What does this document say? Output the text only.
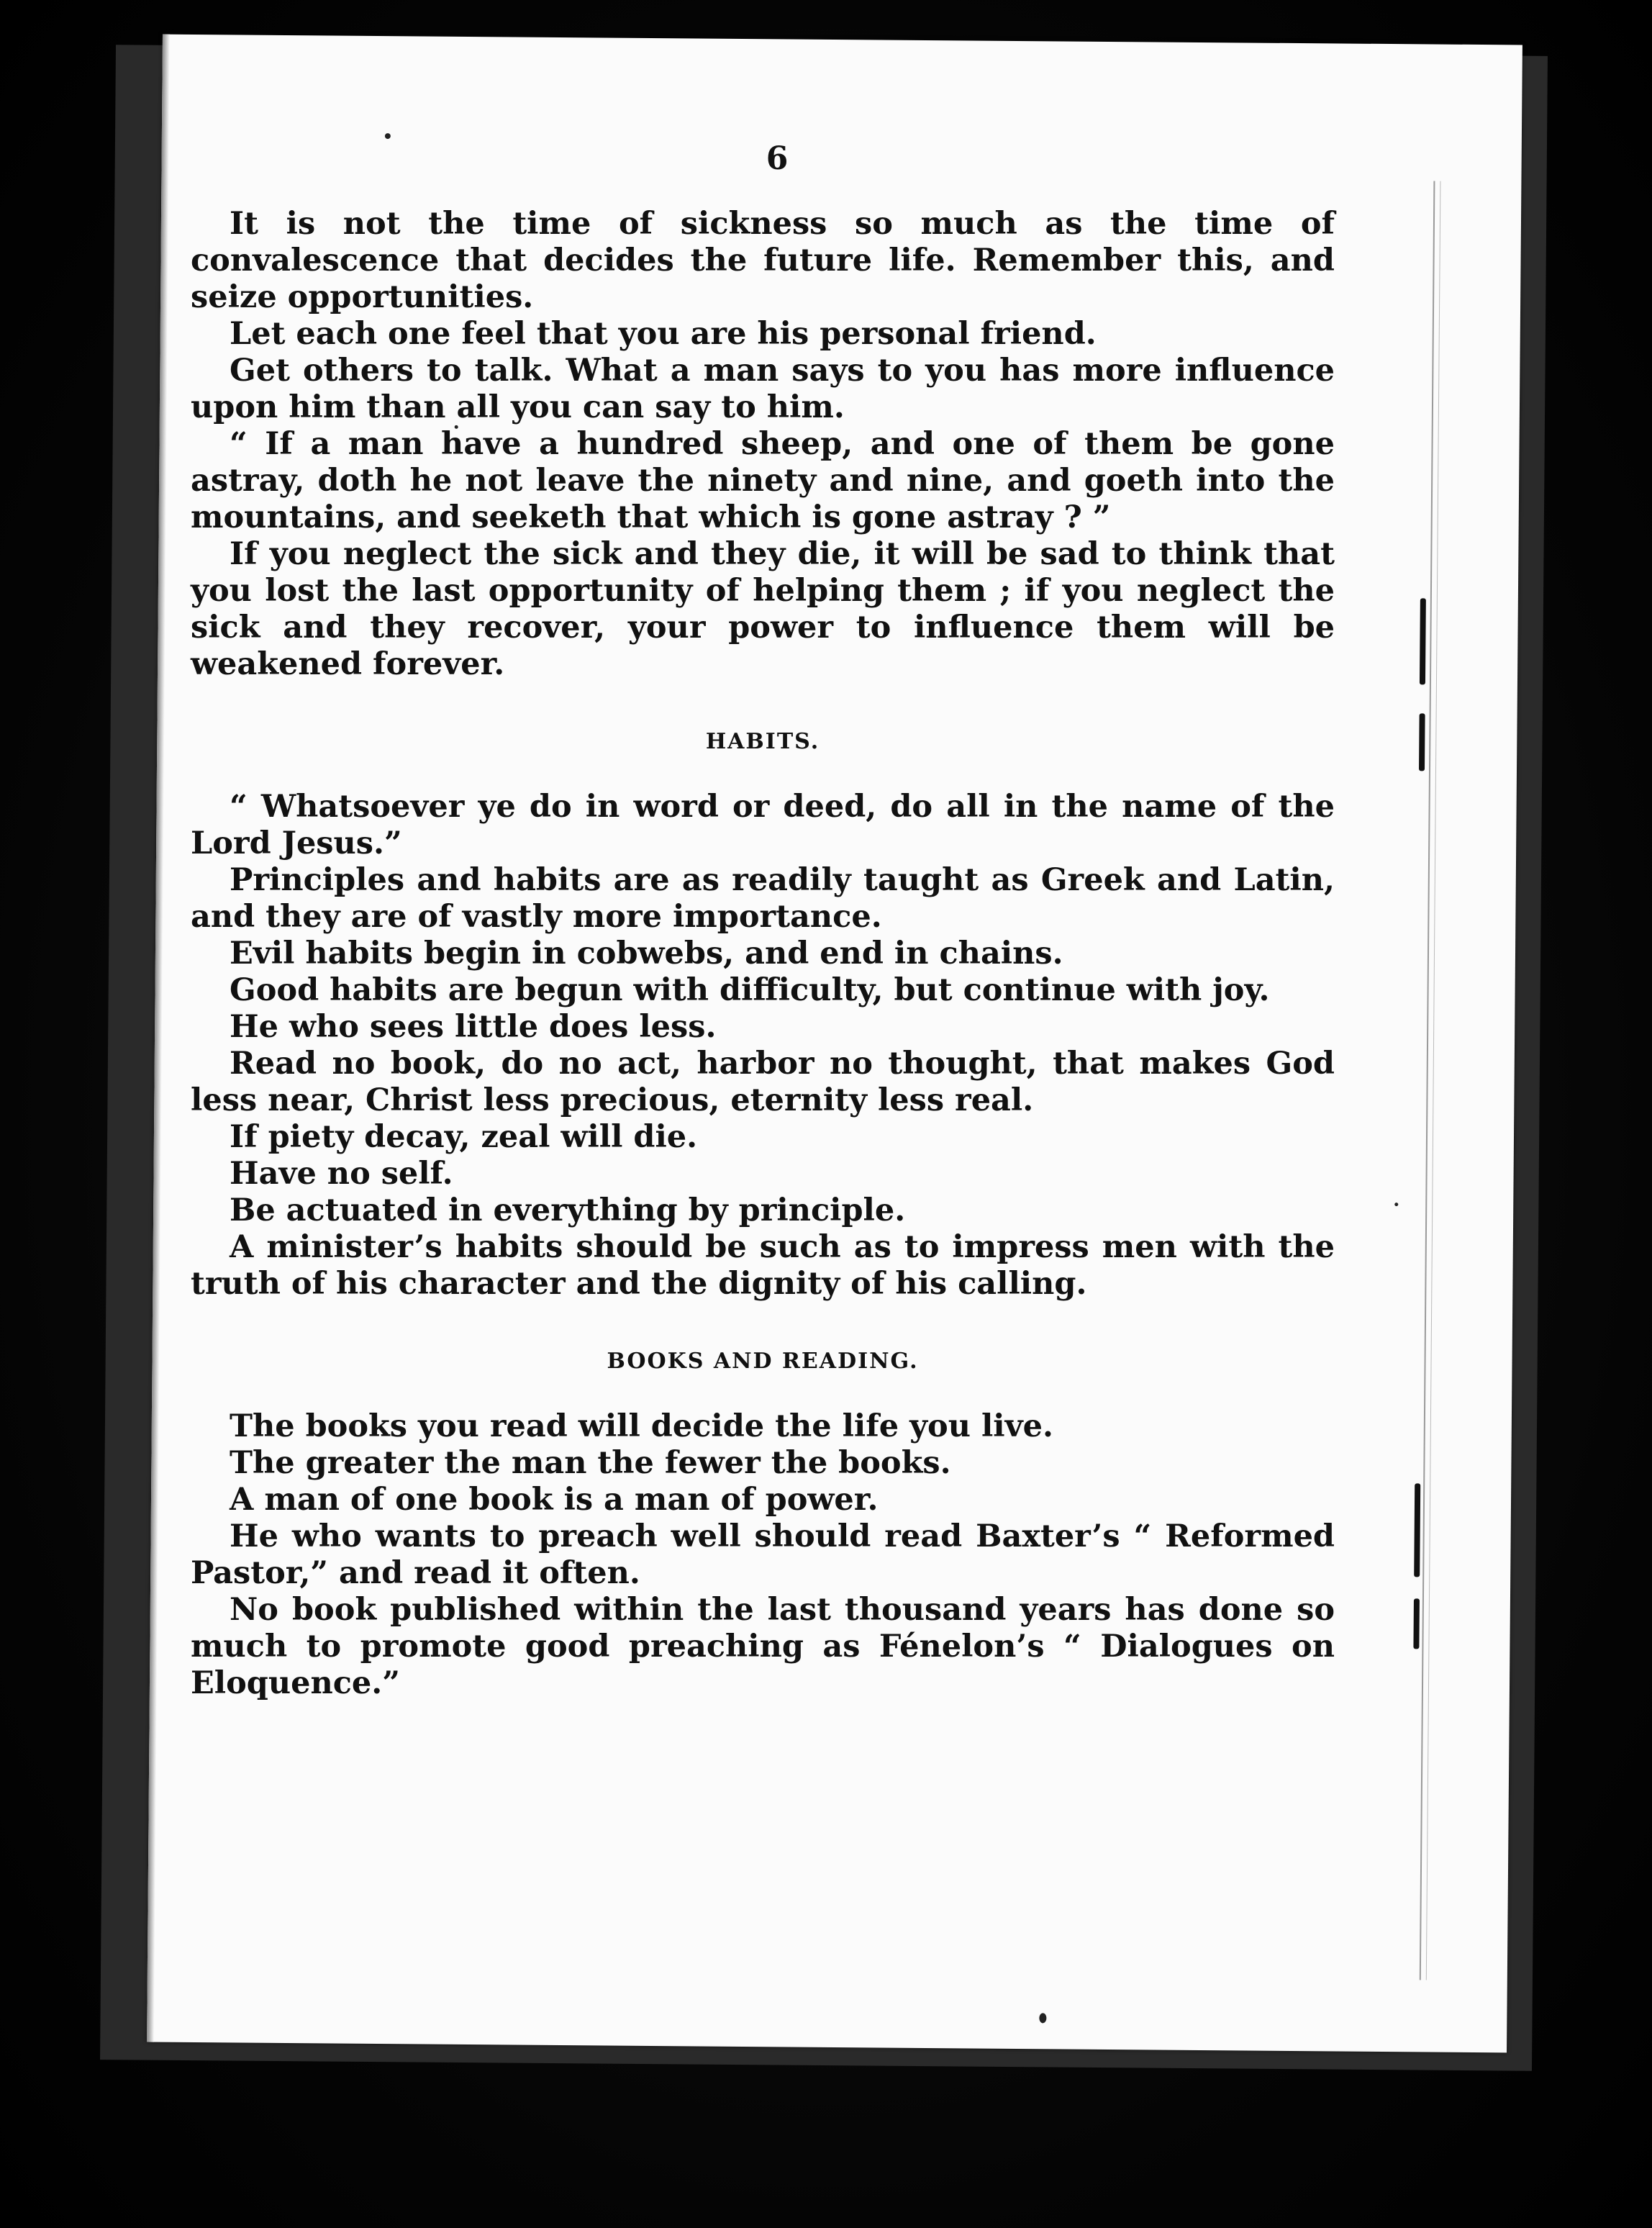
6

It is not the time of sickness so much as the time of convalescence that decides the future life. Remember this, and seize opportunities.

Let each one feel that you are his personal friend.

Get others to talk. What a man says to you has more influence upon him than all you can say to him.

“ If a man have a hundred sheep, and one of them be gone astray, doth he not leave the ninety and nine, and goeth into the mountains, and seeketh that which is gone astray ? ”

If you neglect the sick and they die, it will be sad to think that you lost the last opportunity of helping them ; if you neglect the sick and they recover, your power to influence them will be weakened forever.

HABITS.

“ Whatsoever ye do in word or deed, do all in the name of the Lord Jesus.”

Principles and habits are as readily taught as Greek and Latin, and they are of vastly more importance.

Evil habits begin in cobwebs, and end in chains.

Good habits are begun with difficulty, but continue with joy.

He who sees little does less.

Read no book, do no act, harbor no thought, that makes God less near, Christ less precious, eternity less real.

If piety decay, zeal will die.

Have no self.

Be actuated in everything by principle.

A minister’s habits should be such as to impress men with the truth of his character and the dignity of his calling.

BOOKS AND READING.

The books you read will decide the life you live.

The greater the man the fewer the books.

A man of one book is a man of power.

He who wants to preach well should read Baxter’s “ Reformed Pastor,” and read it often.

No book published within the last thousand years has done so much to promote good preaching as Fénelon’s “ Dialogues on Eloquence.”
